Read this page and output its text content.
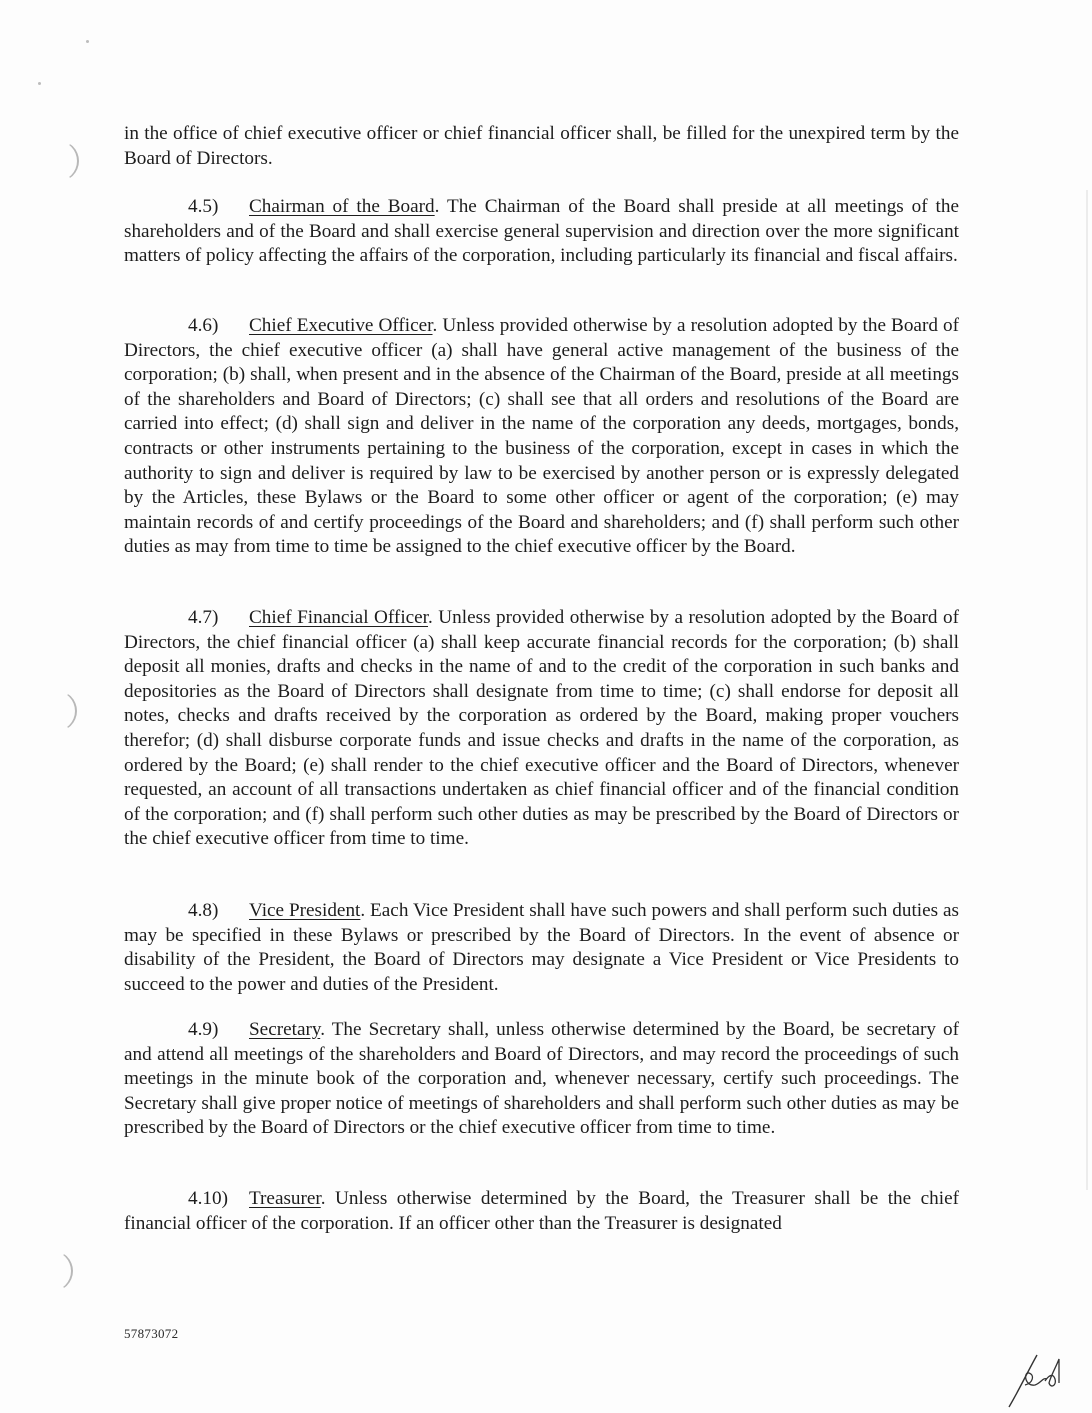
in the office of chief executive officer or chief financial officer shall, be filled for the unexpired term by the Board of Directors.

4.5) Chairman of the Board. The Chairman of the Board shall preside at all meetings of the shareholders and of the Board and shall exercise general supervision and direction over the more significant matters of policy affecting the affairs of the corporation, including particularly its financial and fiscal affairs.

4.6) Chief Executive Officer. Unless provided otherwise by a resolution adopted by the Board of Directors, the chief executive officer (a) shall have general active management of the business of the corporation; (b) shall, when present and in the absence of the Chairman of the Board, preside at all meetings of the shareholders and Board of Directors; (c) shall see that all orders and resolutions of the Board are carried into effect; (d) shall sign and deliver in the name of the corporation any deeds, mortgages, bonds, contracts or other instruments pertaining to the business of the corporation, except in cases in which the authority to sign and deliver is required by law to be exercised by another person or is expressly delegated by the Articles, these Bylaws or the Board to some other officer or agent of the corporation; (e) may maintain records of and certify proceedings of the Board and shareholders; and (f) shall perform such other duties as may from time to time be assigned to the chief executive officer by the Board.

4.7) Chief Financial Officer. Unless provided otherwise by a resolution adopted by the Board of Directors, the chief financial officer (a) shall keep accurate financial records for the corporation; (b) shall deposit all monies, drafts and checks in the name of and to the credit of the corporation in such banks and depositories as the Board of Directors shall designate from time to time; (c) shall endorse for deposit all notes, checks and drafts received by the corporation as ordered by the Board, making proper vouchers therefor; (d) shall disburse corporate funds and issue checks and drafts in the name of the corporation, as ordered by the Board; (e) shall render to the chief executive officer and the Board of Directors, whenever requested, an account of all transactions undertaken as chief financial officer and of the financial condition of the corporation; and (f) shall perform such other duties as may be prescribed by the Board of Directors or the chief executive officer from time to time.

4.8) Vice President. Each Vice President shall have such powers and shall perform such duties as may be specified in these Bylaws or prescribed by the Board of Directors. In the event of absence or disability of the President, the Board of Directors may designate a Vice President or Vice Presidents to succeed to the power and duties of the President.

4.9) Secretary. The Secretary shall, unless otherwise determined by the Board, be secretary of and attend all meetings of the shareholders and Board of Directors, and may record the proceedings of such meetings in the minute book of the corporation and, whenever necessary, certify such proceedings. The Secretary shall give proper notice of meetings of shareholders and shall perform such other duties as may be prescribed by the Board of Directors or the chief executive officer from time to time.

4.10) Treasurer. Unless otherwise determined by the Board, the Treasurer shall be the chief financial officer of the corporation. If an officer other than the Treasurer is designated

57873072
